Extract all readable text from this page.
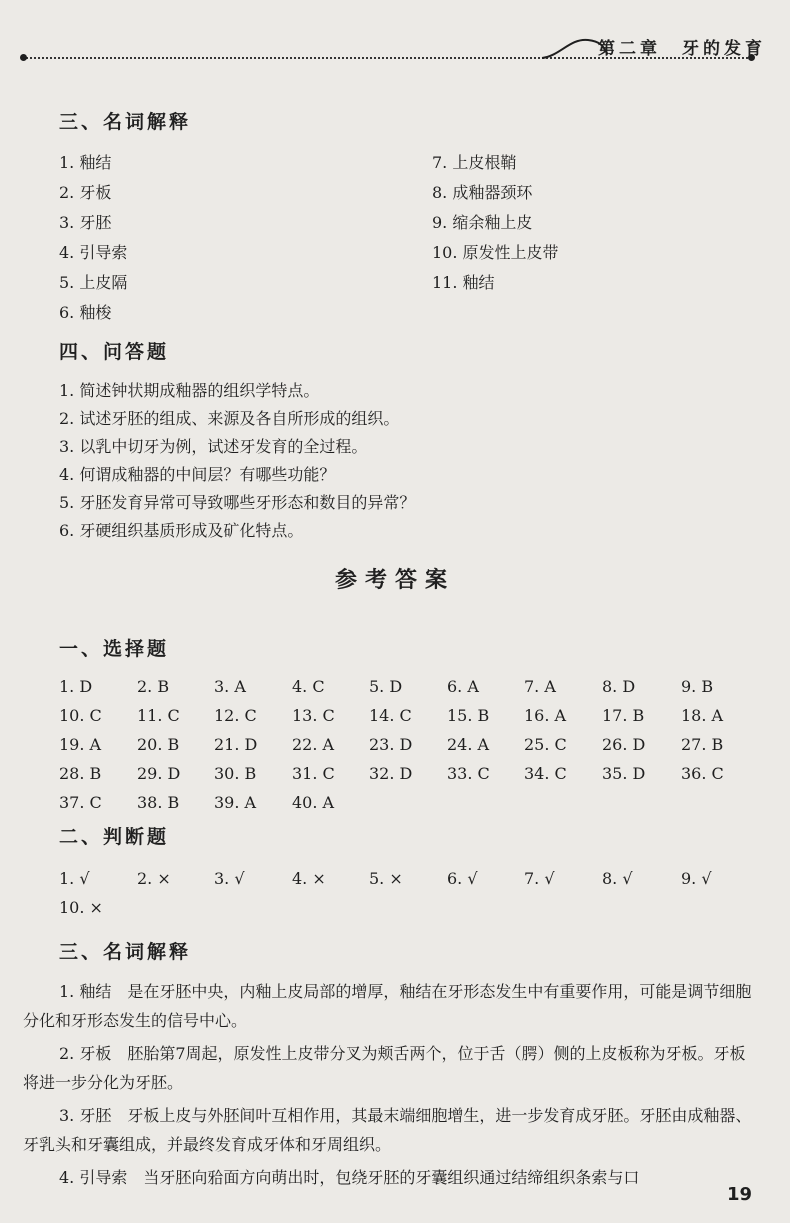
第二章　牙的发育
三、名词解释
1. 釉结
2. 牙板
3. 牙胚
4. 引导索
5. 上皮隔
6. 釉梭
7. 上皮根鞘
8. 成釉器颈环
9. 缩余釉上皮
10. 原发性上皮带
11. 釉结
四、问答题
1. 简述钟状期成釉器的组织学特点。
2. 试述牙胚的组成、来源及各自所形成的组织。
3. 以乳中切牙为例，试述牙发育的全过程。
4. 何谓成釉器的中间层？有哪些功能？
5. 牙胚发育异常可导致哪些牙形态和数目的异常？
6. 牙硬组织基质形成及矿化特点。
参考答案
一、选择题
二、判断题
三、名词解释
1. 釉结　是在牙胚中央，内釉上皮局部的增厚，釉结在牙形态发生中有重要作用，可能是调节细胞分化和牙形态发生的信号中心。
2. 牙板　胚胎第7周起，原发性上皮带分叉为颊舌两个，位于舌（腭）侧的上皮板称为牙板。牙板将进一步分化为牙胚。
3. 牙胚　牙板上皮与外胚间叶互相作用，其最末端细胞增生，进一步发育成牙胚。牙胚由成釉器、牙乳头和牙囊组成，并最终发育成牙体和牙周组织。
4. 引导索　当牙胚向𬌗面方向萌出时，包绕牙胚的牙囊组织通过结缔组织条索与口
19
1. D	2. B	3. A	4. C	5. D	6. A	7. A	8. D	9. B
10. C 11. C 12. C 13. C 14. C 15. B 16. A 17. B 18. A
19. A 20. B 21. D 22. A 23. D 24. A 25. C 26. D 27. B
28. B 29. D 30. B 31. C 32. D 33. C 34. C 35. D 36. C
37. C 38. B 39. A 40. A
1. √	2. ×	3. √	4. ×	5. ×	6. √	7. √	8. √	9. √
10. ×
